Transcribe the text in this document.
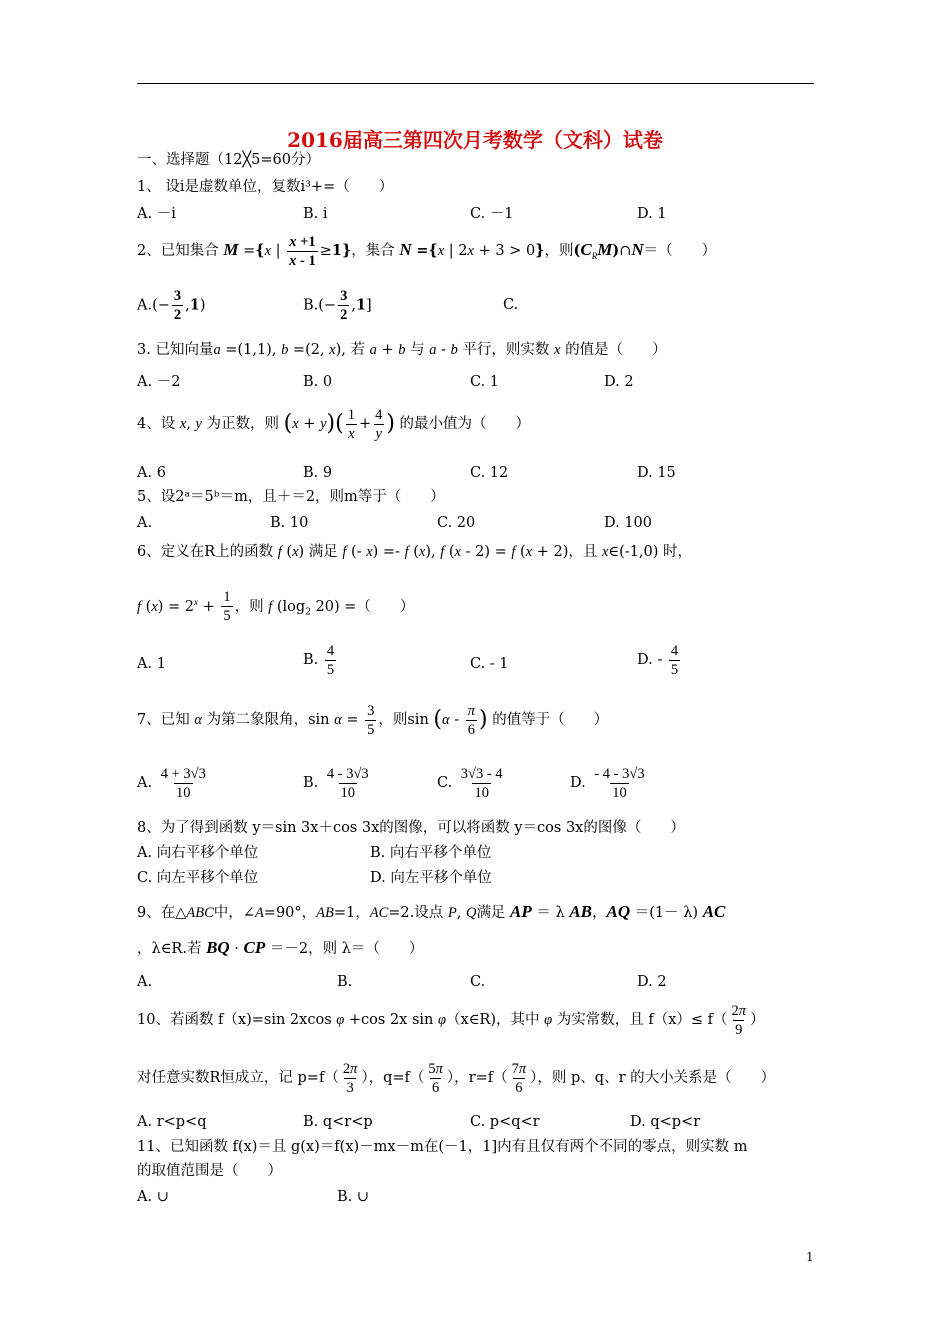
2016届高三第四次月考数学（文科）试卷
一、选择题（12╳5=60分）
1、 设i是虚数单位，复数i³+=（　　）
A. －i	B. i	C. －1	D. 1
2、已知集合 M ={x | $\frac{x +1}{x - 1} \ge 1$}，集合 N ={x | 2x + 3 > 0}，则$(C_RM)\cap N=$（　　）
$A.(- \frac{3}{2} ,1)$	$B.(- \frac{3}{2} ,1]$	C.
3. 已知向量a =(1,1), b =(2, x), 若 a + b 与 a - b 平行，则实数 x 的值是（　　）
A. －2	B. 0	C. 1	D. 2
4、设 x, y 为正数，则 $(x + y)( \frac{1}{x} + \frac{4}{y}$ ) 的最小值为（　　）
A. 6	B. 9	C. 12	D. 15
5、设2ᵃ＝5ᵇ＝m，且＋＝2，则m等于（　　）
A.	B. 10	C. 20	D. 100
6、定义在R上的函数 f (x) 满足 f (- x) =- f (x), f (x - 2) = f (x + 2)，且 x∈(-1,0) 时，
f $(x) = 2^x + \frac{1}{5}$ ，则 f ($\log_2$ 20) =（　　）
A. 1	B. $\frac{4}{5}$	C. - 1	D. - $\frac{4}{5}$
7、已知 α 为第二象限角，$\sin \alpha = \frac{3}{5}$ ，则$\sin (\alpha - \frac{\pi}{6}$ ) 的值等于（　　）
A. $\frac{4 + 3√3}{10}$	B. $\frac{4 - 3√3}{10}$	C. $\frac{3√3 - 4}{10}$	D. $\frac{- 4 - 3√3}{10}$
8、为了得到函数 y＝sin 3x＋cos 3x的图像，可以将函数 y＝cos 3x的图像（　　）
A. 向右平移个单位	B. 向右平移个单位
C. 向左平移个单位	D. 向左平移个单位
9、在△ABC中，∠A=90°，AB=1，AC=2.设点 P, Q满足 AP ＝ λ AB，AQ ＝(1－ λ) AC
，λ∈R.若 BQ · CP ＝－2，则 λ＝（　　）
A.	B.	C.	D. 2
10、若函数 f（x)=sin 2xcos φ +cos 2x sin φ（x∈R)，其中 φ 为实常数，且 $f(x)\le f( \frac{2\pi}{9}$ ）
对任意实数R恒成立，记 $p=f( \frac{2\pi}{3}$ ），$q=f( \frac{5\pi}{6}$ ），$r=f( \frac{7\pi}{6}$ ），则 p、q、r 的大小关系是（　　）
A. r<p<q	B. q<r<p	C. p<q<r	D. q<p<r
11、已知函数 f(x)＝且 g(x)＝f(x)－mx－m在(－1，1]内有且仅有两个不同的零点，则实数 m
的取值范围是（　　）
A. ∪	B. ∪
1
